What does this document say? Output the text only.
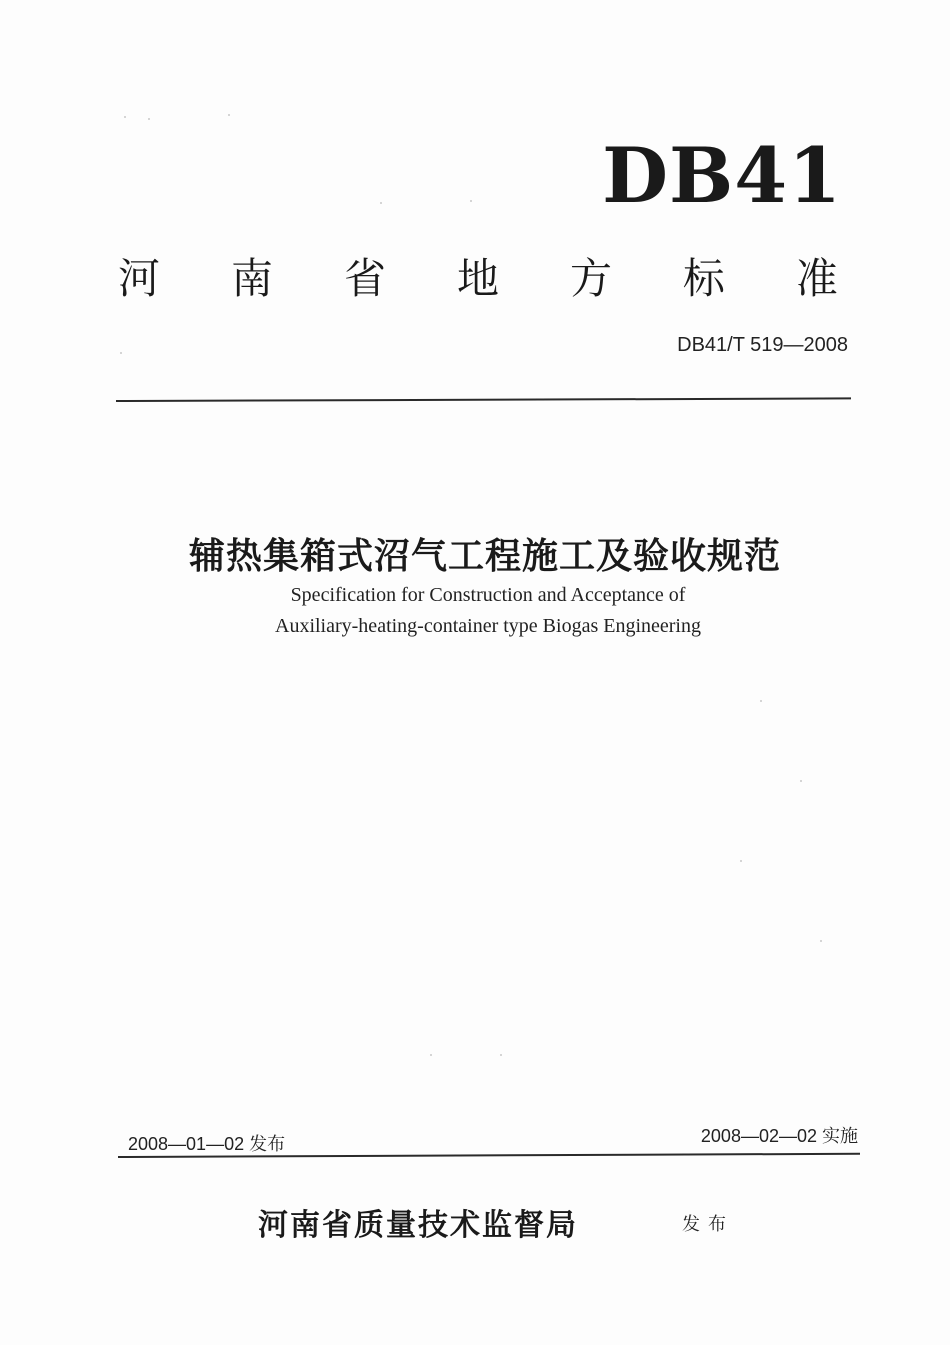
DB41
河 南 省 地 方 标 准
DB41/T 519—2008
辅热集箱式沼气工程施工及验收规范
Specification for Construction and Acceptance of
Auxiliary-heating-container type Biogas Engineering
2008—01—02 发布	2008—02—02 实施
河南省质量技术监督局	发布
